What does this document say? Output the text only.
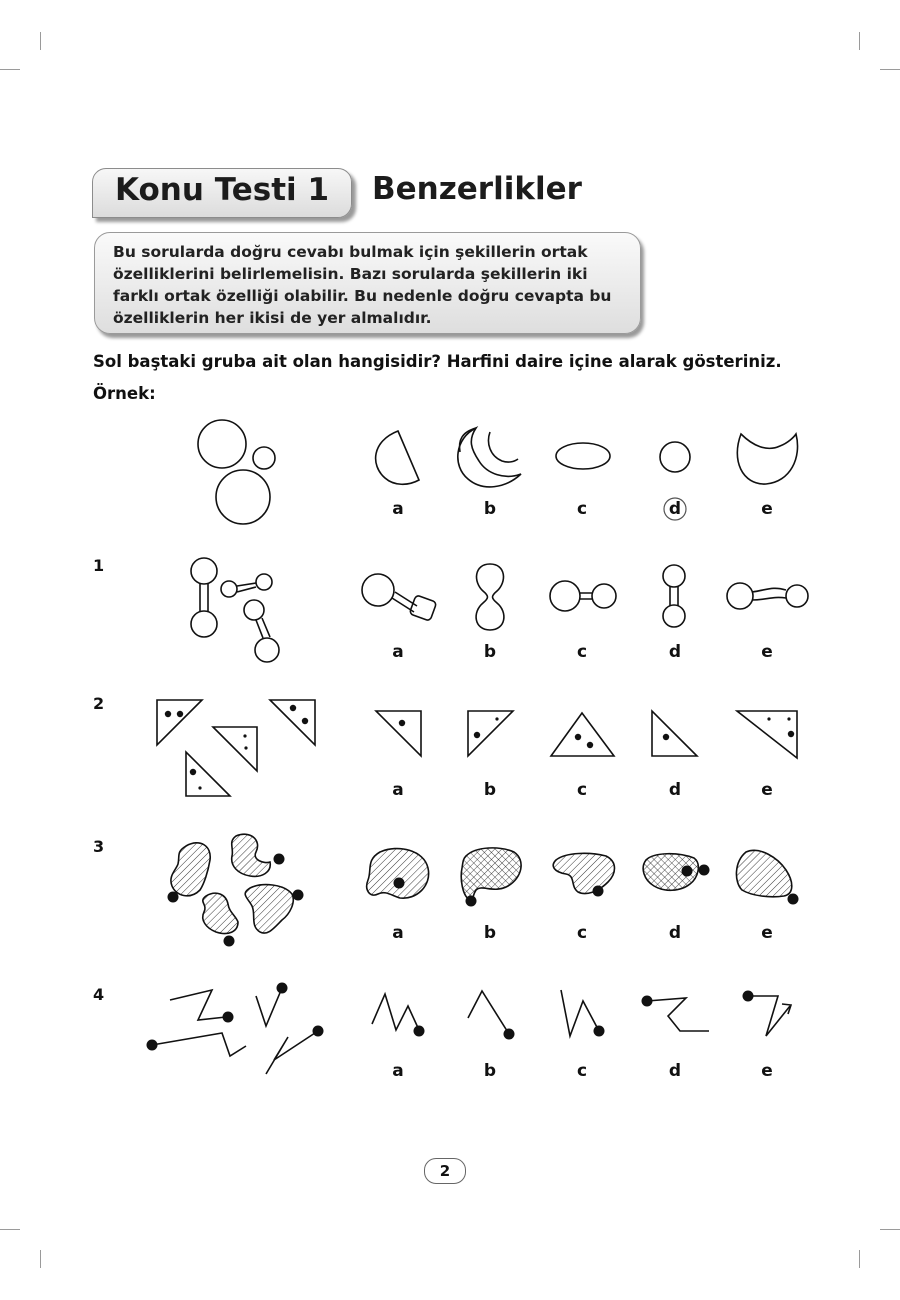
Konu Testi 1 Benzerlikler

Bu sorularda doğru cevabı bulmak için şekillerin ortak özelliklerini belirlemelisin. Bazı sorularda şekillerin iki farklı ortak özelliği olabilir. Bu nedenle doğru cevapta bu özelliklerin her ikisi de yer almalıdır.

Sol baştaki gruba ait olan hangisidir? Harfini daire içine alarak gösteriniz.
Örnek:
1
2
3
4
a	b	c	d	e
a	b	c	d	e
a	b	c	d	e
a	b	c	d	e
a	b	c	d	e
2
